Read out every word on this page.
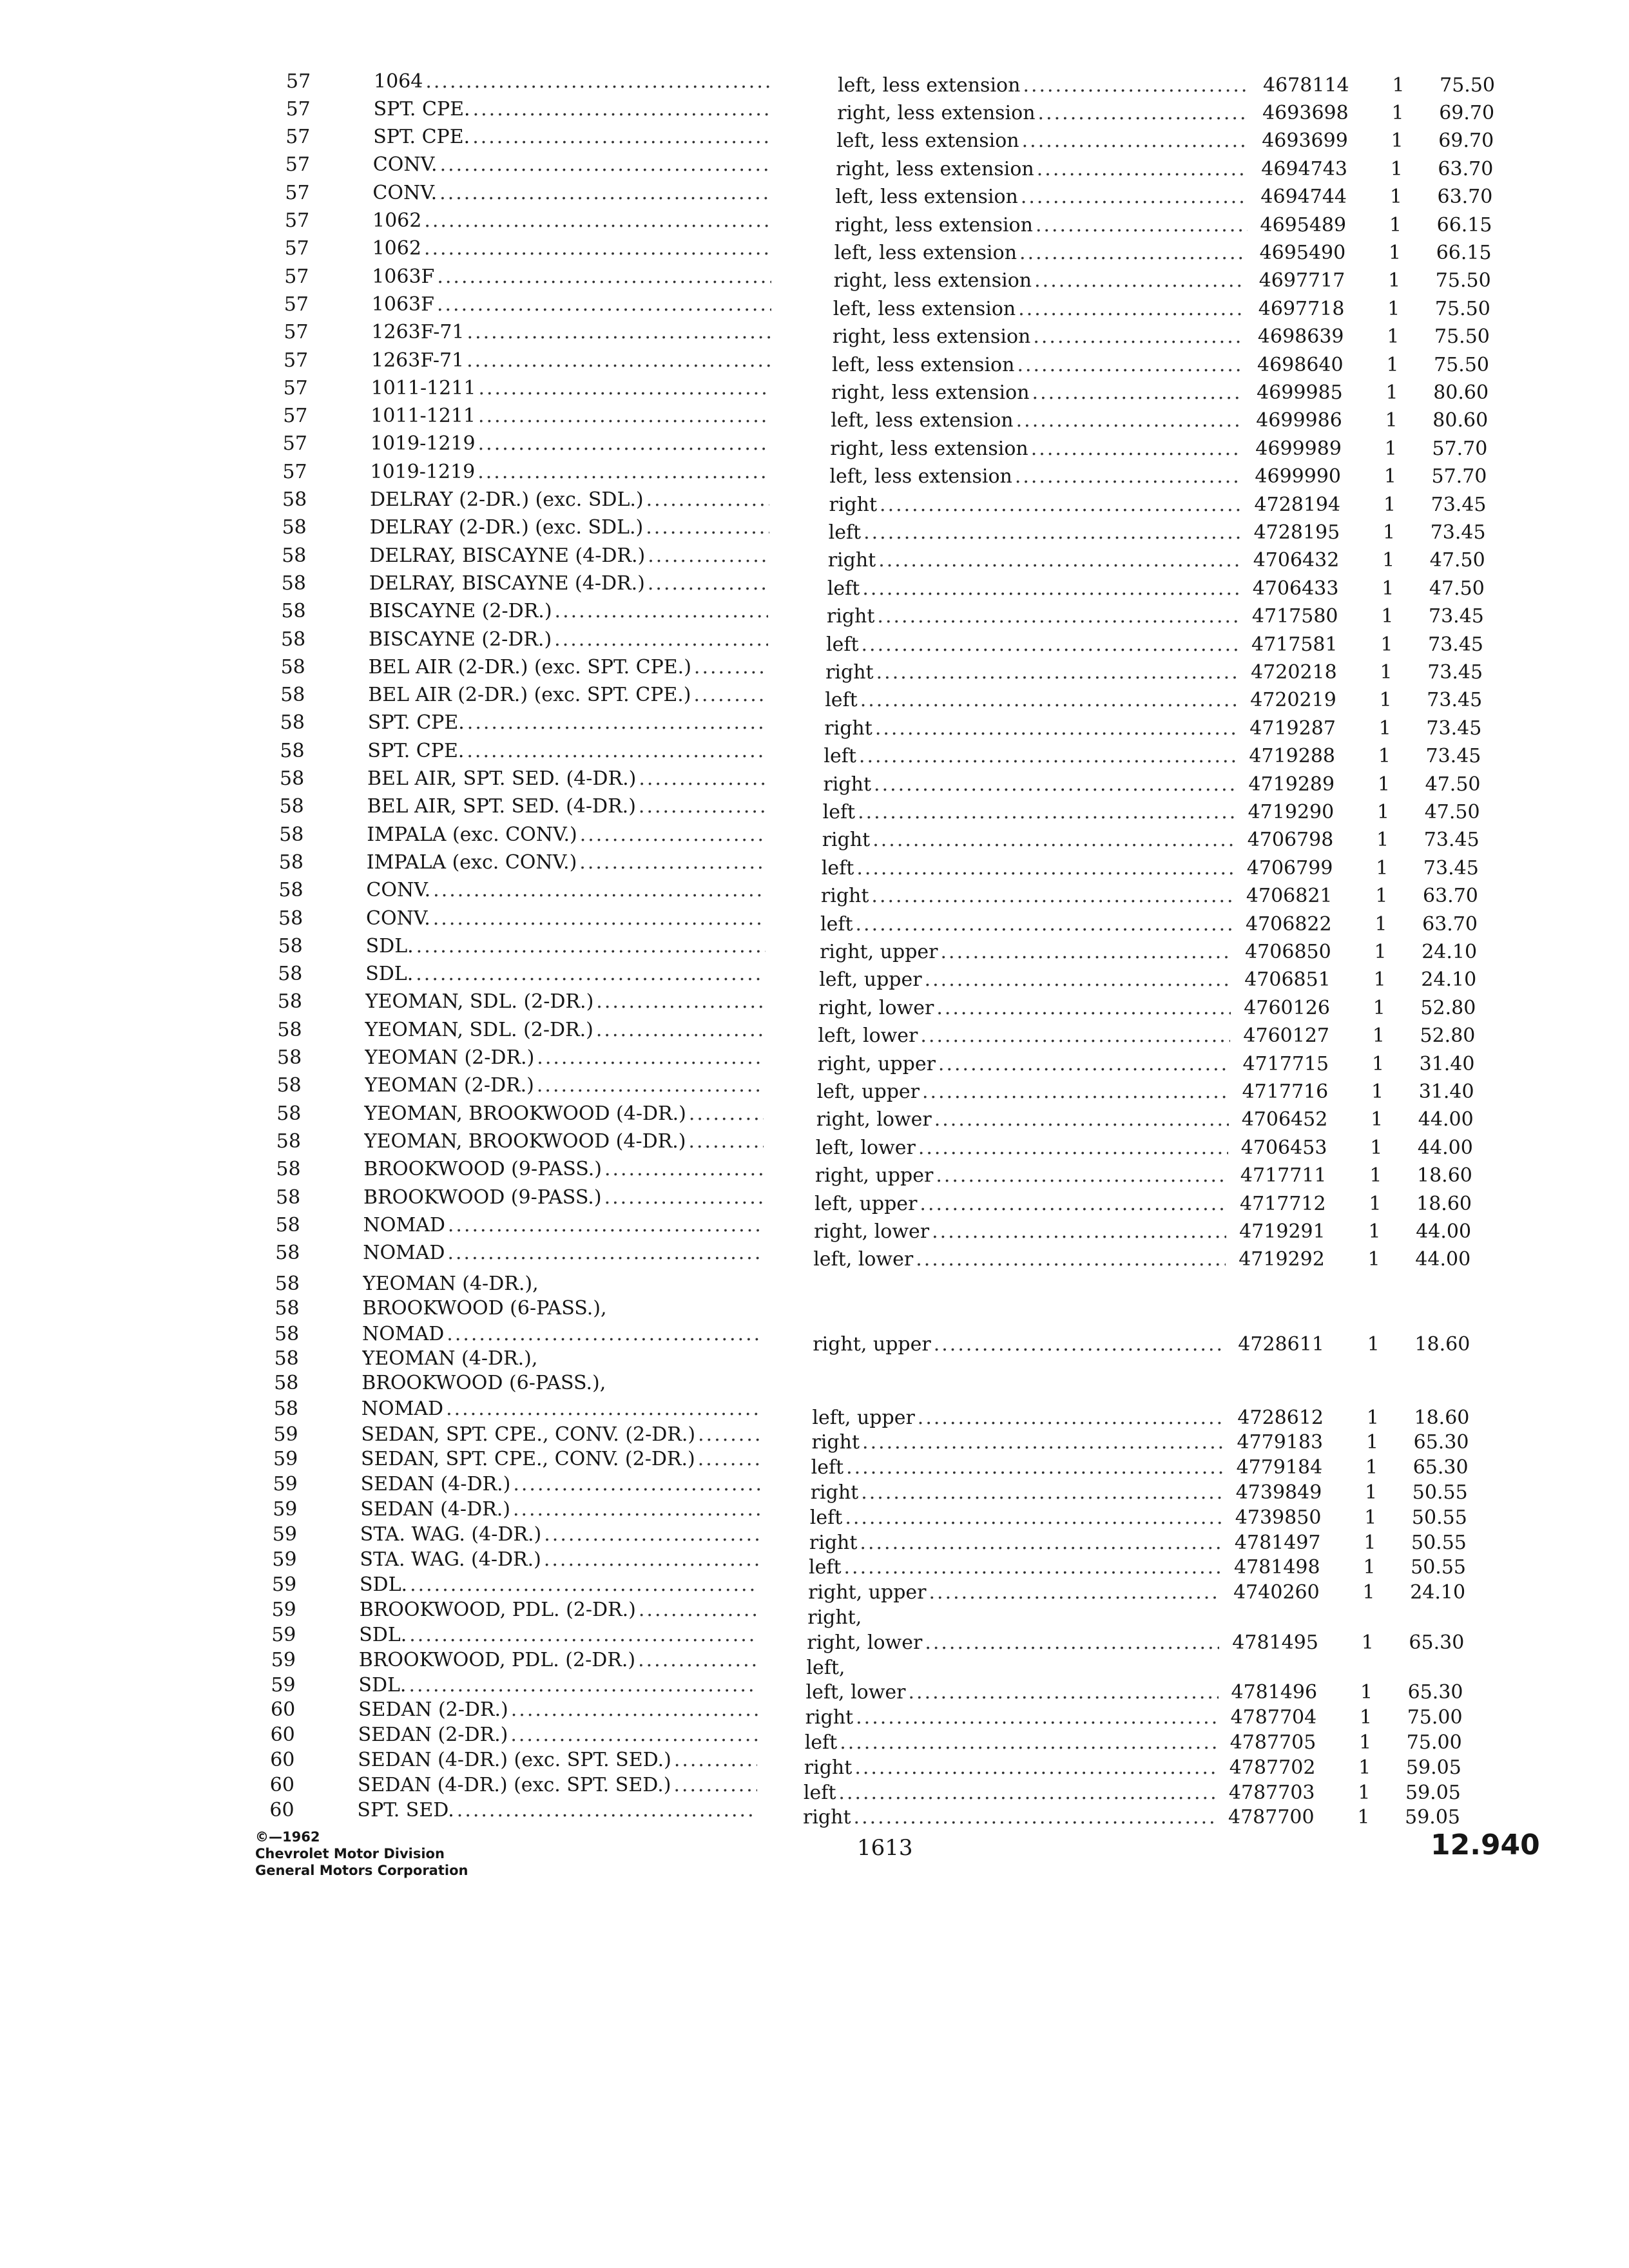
57	1064
.....
57	SPT. CPE.
.....
57	SPT. CPE.
.....
57	CONV.
.....
57	CONV.
.....
57	1062
.....
57	1062
.....
57	1063F
.....
57	1063F
.....
57	1263F-71
.....
57	1263F-71
.....
57	1011-1211
.....
57	1011-1211
.....
57	1019-1219
.....
57	1019-1219
.....
58	DELRAY (2-DR.) (exc. SDL.)
.....
58	DELRAY (2-DR.) (exc. SDL.)
.....
58	DELRAY, BISCAYNE (4-DR.)
.....
58	DELRAY, BISCAYNE (4-DR.)
.....
58	BISCAYNE (2-DR.)
.....
58	BISCAYNE (2-DR.)
.....
58	BEL AIR (2-DR.) (exc. SPT. CPE.)
.....
58	BEL AIR (2-DR.) (exc. SPT. CPE.)
.....
58	SPT. CPE.
.....
58	SPT. CPE.
.....
58	BEL AIR, SPT. SED. (4-DR.)
.....
58	BEL AIR, SPT. SED. (4-DR.)
.....
58	IMPALA (exc. CONV.)
.....
58	IMPALA (exc. CONV.)
.....
58	CONV.
.....
58	CONV.
.....
58	SDL.
.....
58	SDL.
.....
58	YEOMAN, SDL. (2-DR.)
.....
58	YEOMAN, SDL. (2-DR.)
.....
58	YEOMAN (2-DR.)
.....
58	YEOMAN (2-DR.)
.....
58	YEOMAN, BROOKWOOD (4-DR.)
.....
58	YEOMAN, BROOKWOOD (4-DR.)
.....
58	BROOKWOOD (9-PASS.)
.....
58	BROOKWOOD (9-PASS.)
.....
58	NOMAD
.....
58	NOMAD
.....
58	YEOMAN (4-DR.),
58	BROOKWOOD (6-PASS.),
58	NOMAD
.....
58	YEOMAN (4-DR.),
58	BROOKWOOD (6-PASS.),
58	NOMAD
.....
59	SEDAN, SPT. CPE., CONV. (2-DR.)
.....
59	SEDAN, SPT. CPE., CONV. (2-DR.)
.....
59	SEDAN (4-DR.)
.....
59	SEDAN (4-DR.)
.....
59	STA. WAG. (4-DR.)
.....
59	STA. WAG. (4-DR.)
.....
59	SDL.
.....
59	BROOKWOOD, PDL. (2-DR.)
.....
59	SDL.
.....
59	BROOKWOOD, PDL. (2-DR.)
.....
59	SDL.
.....
60	SEDAN (2-DR.)
.....
60	SEDAN (2-DR.)
.....
60	SEDAN (4-DR.) (exc. SPT. SED.)
.....
60	SEDAN (4-DR.) (exc. SPT. SED.)
.....
60	SPT. SED.
.....
left, less extension .....	4678114	1	75.50
right, less extension .....	4693698	1	69.70
left, less extension .....	4693699	1	69.70
right, less extension .....	4694743	1	63.70
left, less extension .....	4694744	1	63.70
right, less extension .....	4695489	1	66.15
left, less extension .....	4695490	1	66.15
right, less extension .....	4697717	1	75.50
left, less extension .....	4697718	1	75.50
right, less extension .....	4698639	1	75.50
left, less extension .....	4698640	1	75.50
right, less extension .....	4699985	1	80.60
left, less extension .....	4699986	1	80.60
right, less extension .....	4699989	1	57.70
left, less extension .....	4699990	1	57.70
right .....	4728194	1	73.45
left .....	4728195	1	73.45
right .....	4706432	1	47.50
left .....	4706433	1	47.50
right .....	4717580	1	73.45
left .....	4717581	1	73.45
right .....	4720218	1	73.45
left .....	4720219	1	73.45
right .....	4719287	1	73.45
left .....	4719288	1	73.45
right .....	4719289	1	47.50
left .....	4719290	1	47.50
right .....	4706798	1	73.45
left .....	4706799	1	73.45
right .....	4706821	1	63.70
left .....	4706822	1	63.70
right, upper .....	4706850	1	24.10
left, upper .....	4706851	1	24.10
right, lower .....	4760126	1	52.80
left, lower .....	4760127	1	52.80
right, upper .....	4717715	1	31.40
left, upper .....	4717716	1	31.40
right, lower .....	4706452	1	44.00
left, lower .....	4706453	1	44.00
right, upper .....	4717711	1	18.60
left, upper .....	4717712	1	18.60
right, lower .....	4719291	1	44.00
left, lower .....	4719292	1	44.00
right, upper .....	4728611	1	18.60
left, upper .....	4728612	1	18.60
right .....	4779183	1	65.30
left .....	4779184	1	65.30
right .....	4739849	1	50.55
left .....	4739850	1	50.55
right .....	4781497	1	50.55
left .....	4781498	1	50.55
right, upper .....	4740260	1	24.10
right,
right, lower .....	4781495	1	65.30
left,
left, lower .....	4781496	1	65.30
right .....	4787704	1	75.00
left .....	4787705	1	75.00
right .....	4787702	1	59.05
left .....	4787703	1	59.05
right .....	4787700	1	59.05
©—1962
Chevrolet Motor Division
General Motors Corporation
1613	12.940
